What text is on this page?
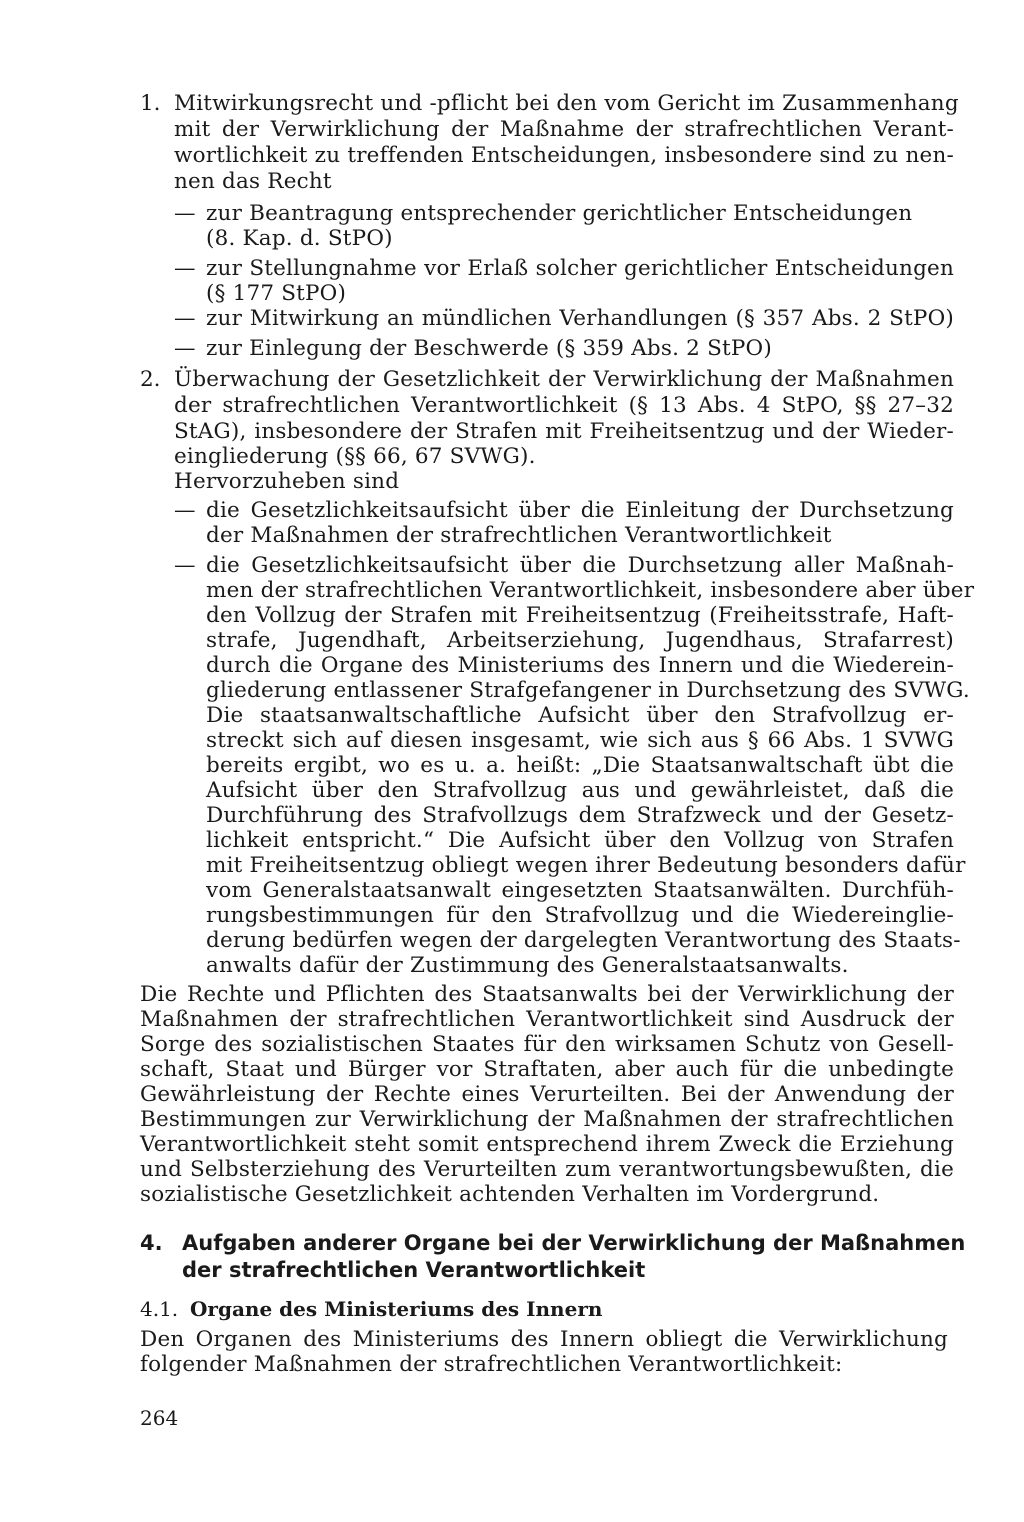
1. Mitwirkungsrecht und -pflicht bei den vom Gericht im Zusammenhang
mit der Verwirklichung der Maßnahme der strafrechtlichen Verant-
wortlichkeit zu treffenden Entscheidungen, insbesondere sind zu nen-
nen das Recht
— zur Beantragung entsprechender gerichtlicher Entscheidungen
(8. Kap. d. StPO)
— zur Stellungnahme vor Erlaß solcher gerichtlicher Entscheidungen
(§ 177 StPO)
— zur Mitwirkung an mündlichen Verhandlungen (§ 357 Abs. 2 StPO)
— zur Einlegung der Beschwerde (§ 359 Abs. 2 StPO)
2. Überwachung der Gesetzlichkeit der Verwirklichung der Maßnahmen
der strafrechtlichen Verantwortlichkeit (§ 13 Abs. 4 StPO, §§ 27–32
StAG), insbesondere der Strafen mit Freiheitsentzug und der Wieder-
eingliederung (§§ 66, 67 SVWG).
Hervorzuheben sind
— die Gesetzlichkeitsaufsicht über die Einleitung der Durchsetzung
der Maßnahmen der strafrechtlichen Verantwortlichkeit
— die Gesetzlichkeitsaufsicht über die Durchsetzung aller Maßnah-
men der strafrechtlichen Verantwortlichkeit, insbesondere aber über
den Vollzug der Strafen mit Freiheitsentzug (Freiheitsstrafe, Haft-
strafe, Jugendhaft, Arbeitserziehung, Jugendhaus, Strafarrest)
durch die Organe des Ministeriums des Innern und die Wiederein-
gliederung entlassener Strafgefangener in Durchsetzung des SVWG.
Die staatsanwaltschaftliche Aufsicht über den Strafvollzug er-
streckt sich auf diesen insgesamt, wie sich aus § 66 Abs. 1 SVWG
bereits ergibt, wo es u. a. heißt: „Die Staatsanwaltschaft übt die
Aufsicht über den Strafvollzug aus und gewährleistet, daß die
Durchführung des Strafvollzugs dem Strafzweck und der Gesetz-
lichkeit entspricht.“ Die Aufsicht über den Vollzug von Strafen
mit Freiheitsentzug obliegt wegen ihrer Bedeutung besonders dafür
vom Generalstaatsanwalt eingesetzten Staatsanwälten. Durchfüh-
rungsbestimmungen für den Strafvollzug und die Wiedereinglie-
derung bedürfen wegen der dargelegten Verantwortung des Staats-
anwalts dafür der Zustimmung des Generalstaatsanwalts.
Die Rechte und Pflichten des Staatsanwalts bei der Verwirklichung der
Maßnahmen der strafrechtlichen Verantwortlichkeit sind Ausdruck der
Sorge des sozialistischen Staates für den wirksamen Schutz von Gesell-
schaft, Staat und Bürger vor Straftaten, aber auch für die unbedingte
Gewährleistung der Rechte eines Verurteilten. Bei der Anwendung der
Bestimmungen zur Verwirklichung der Maßnahmen der strafrechtlichen
Verantwortlichkeit steht somit entsprechend ihrem Zweck die Erziehung
und Selbsterziehung des Verurteilten zum verantwortungsbewußten, die
sozialistische Gesetzlichkeit achtenden Verhalten im Vordergrund.
4. Aufgaben anderer Organe bei der Verwirklichung der Maßnahmen
der strafrechtlichen Verantwortlichkeit
4.1. Organe des Ministeriums des Innern
Den Organen des Ministeriums des Innern obliegt die Verwirklichung
folgender Maßnahmen der strafrechtlichen Verantwortlichkeit:
264
